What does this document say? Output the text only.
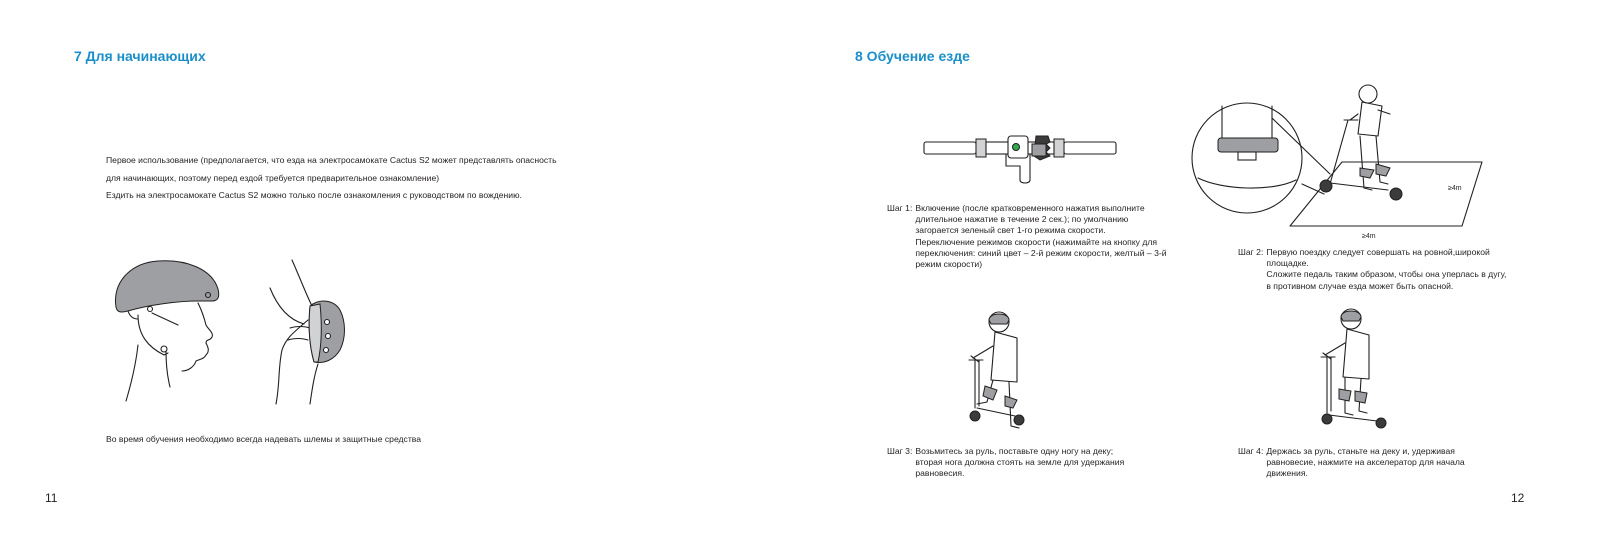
7 Для начинающих
Первое использование (предполагается, что езда на электросамокате Cactus S2 может представлять опасность
для начинающих, поэтому перед ездой требуется предварительное ознакомление)
Ездить на электросамокате Cactus S2 можно только после ознакомления с руководством по вождению.
Во время обучения необходимо всегда надевать шлемы и защитные средства
11
8 Обучение езде
Шаг 1: Включение (после кратковременного нажатия выполните
длительное нажатие в течение 2 сек.); по умолчанию
загорается зеленый свет 1-го режима скорости.
Переключение режимов скорости (нажимайте на кнопку для
переключения: синий цвет – 2-й режим скорости, желтый – 3-й
режим скорости)
≥4m
≥4m
Шаг 2: Первую поездку следует совершать на ровной,широкой
площадке.
Сложите педаль таким образом, чтобы она уперлась в дугу,
в противном случае езда может быть опасной.
Шаг 3: Возьмитесь за руль, поставьте одну ногу на деку;
вторая нога должна стоять на земле для удержания
равновесия.
Шаг 4: Держась за руль, станьте на деку и, удерживая
равновесие, нажмите на акселератор для начала
движения.
12
